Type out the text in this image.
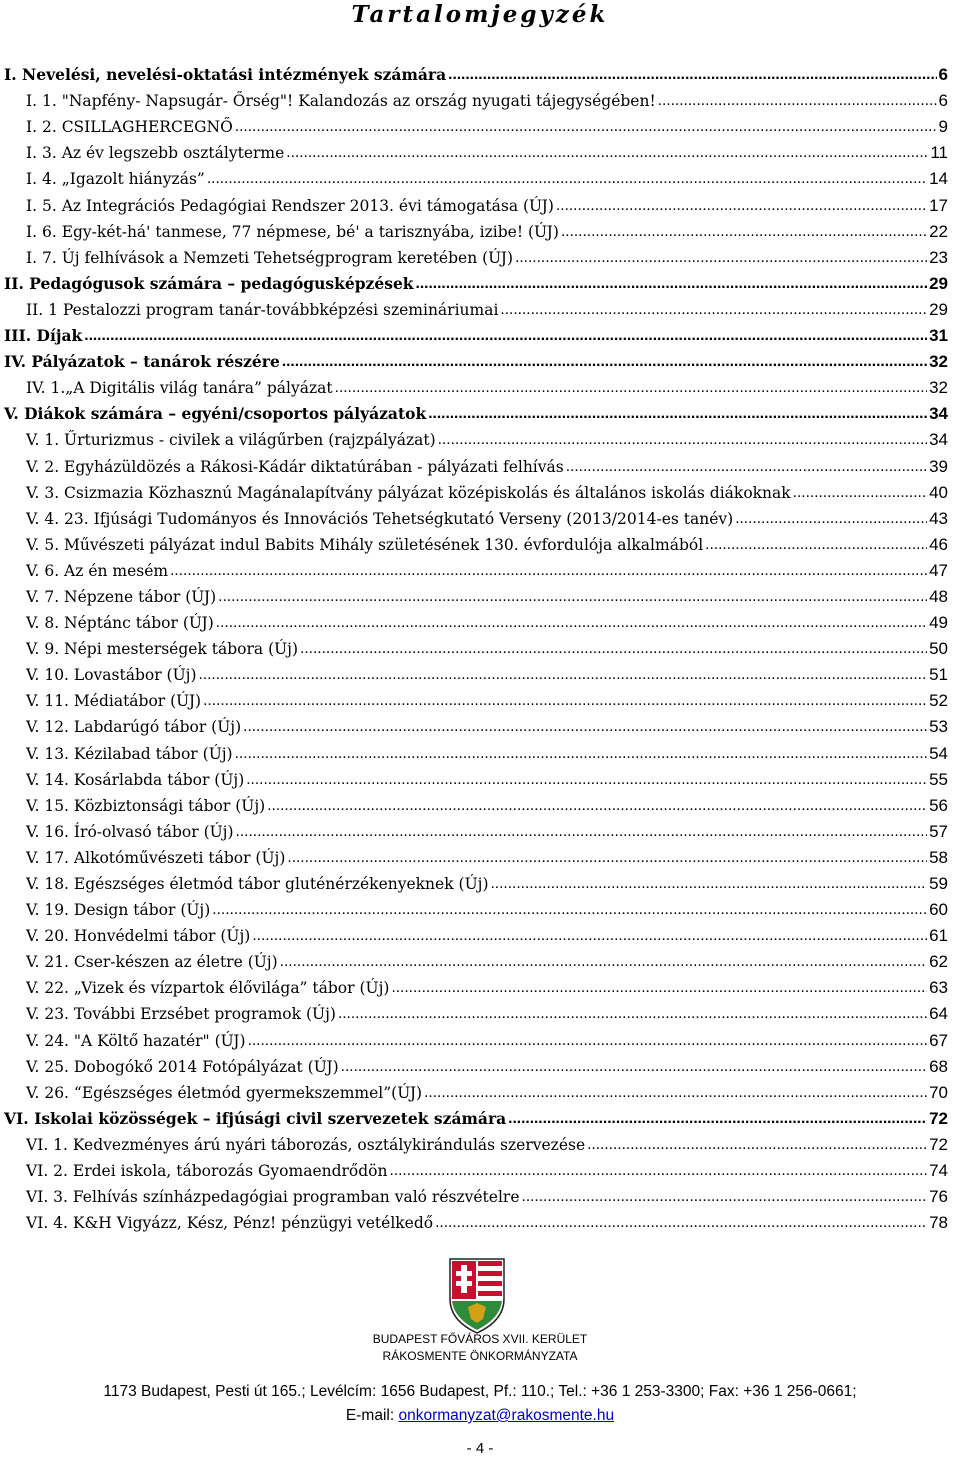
Tartalomjegyzék
I. Nevelési, nevelési-oktatási intézmények számára .....	6
I. 1. "Napfény- Napsugár- Őrség"! Kalandozás az ország nyugati tájegységében! .....	6
I. 2. CSILLAGHERCEGNŐ .....	9
I. 3. Az év legszebb osztályterme .....	11
I. 4. „Igazolt hiányzás” .....	14
I. 5. Az Integrációs Pedagógiai Rendszer 2013. évi támogatása (ÚJ) .....	17
I. 6. Egy-két-há' tanmese, 77 népmese, bé' a tarisznyába, izibe! (ÚJ) .....	22
I. 7. Új felhívások a Nemzeti Tehetségprogram keretében (ÚJ) .....	23
II. Pedagógusok számára – pedagógusképzések .....	29
II. 1 Pestalozzi program tanár-továbbképzési szemináriumai .....	29
III. Díjak .....	31
IV. Pályázatok – tanárok részére .....	32
IV. 1.„A Digitális világ tanára” pályázat .....	32
V. Diákok számára – egyéni/csoportos pályázatok .....	34
V. 1. Űrturizmus - civilek a világűrben (rajzpályázat) .....	34
V. 2. Egyházüldözés a Rákosi-Kádár diktatúrában - pályázati felhívás .....	39
V. 3. Csizmazia Közhasznú Magánalapítvány pályázat középiskolás és általános iskolás diákoknak .....	40
V. 4. 23. Ifjúsági Tudományos és Innovációs Tehetségkutató Verseny (2013/2014-es tanév) .....	43
V. 5. Művészeti pályázat indul Babits Mihály születésének 130. évfordulója alkalmából .....	46
V. 6. Az én mesém .....	47
V. 7. Népzene tábor (ÚJ) .....	48
V. 8. Néptánc tábor (ÚJ) .....	49
V. 9. Népi mesterségek tábora (Új) .....	50
V. 10. Lovastábor (Új) .....	51
V. 11. Médiatábor (ÚJ) .....	52
V. 12. Labdarúgó tábor (Új) .....	53
V. 13. Kézilabad tábor (Új) .....	54
V. 14. Kosárlabda tábor (Új) .....	55
V. 15. Közbiztonsági tábor (Új) .....	56
V. 16. Író-olvasó tábor (Új) .....	57
V. 17. Alkotóművészeti tábor (Új) .....	58
V. 18. Egészséges életmód tábor gluténérzékenyeknek (Új) .....	59
V. 19. Design tábor (Új) .....	60
V. 20. Honvédelmi tábor (Új) .....	61
V. 21. Cser-készen az életre (Új) .....	62
V. 22. „Vizek és vízpartok élővilága” tábor (Új) .....	63
V. 23. További Erzsébet programok (Új) .....	64
V. 24. "A Költő hazatér" (ÚJ) .....	67
V. 25. Dobogókő 2014 Fotópályázat (ÚJ) .....	68
V. 26. “Egészséges életmód gyermekszemmel”(ÚJ) .....	70
VI. Iskolai közösségek – ifjúsági civil szervezetek számára .....	72
VI. 1. Kedvezményes árú nyári táborozás, osztálykirándulás szervezése .....	72
VI. 2. Erdei iskola, táborozás Gyomaendrődön .....	74
VI. 3. Felhívás színházpedagógiai programban való részvételre .....	76
VI. 4. K&H Vigyázz, Kész, Pénz! pénzügyi vetélkedő .....	78
BUDAPEST FŐVÁROS XVII. KERÜLET
RÁKOSMENTE ÖNKORMÁNYZATA
1173 Budapest, Pesti út 165.; Levélcím: 1656 Budapest, Pf.: 110.; Tel.: +36 1 253-3300; Fax: +36 1 256-0661;
E-mail: onkormanyzat@rakosmente.hu
- 4 -
